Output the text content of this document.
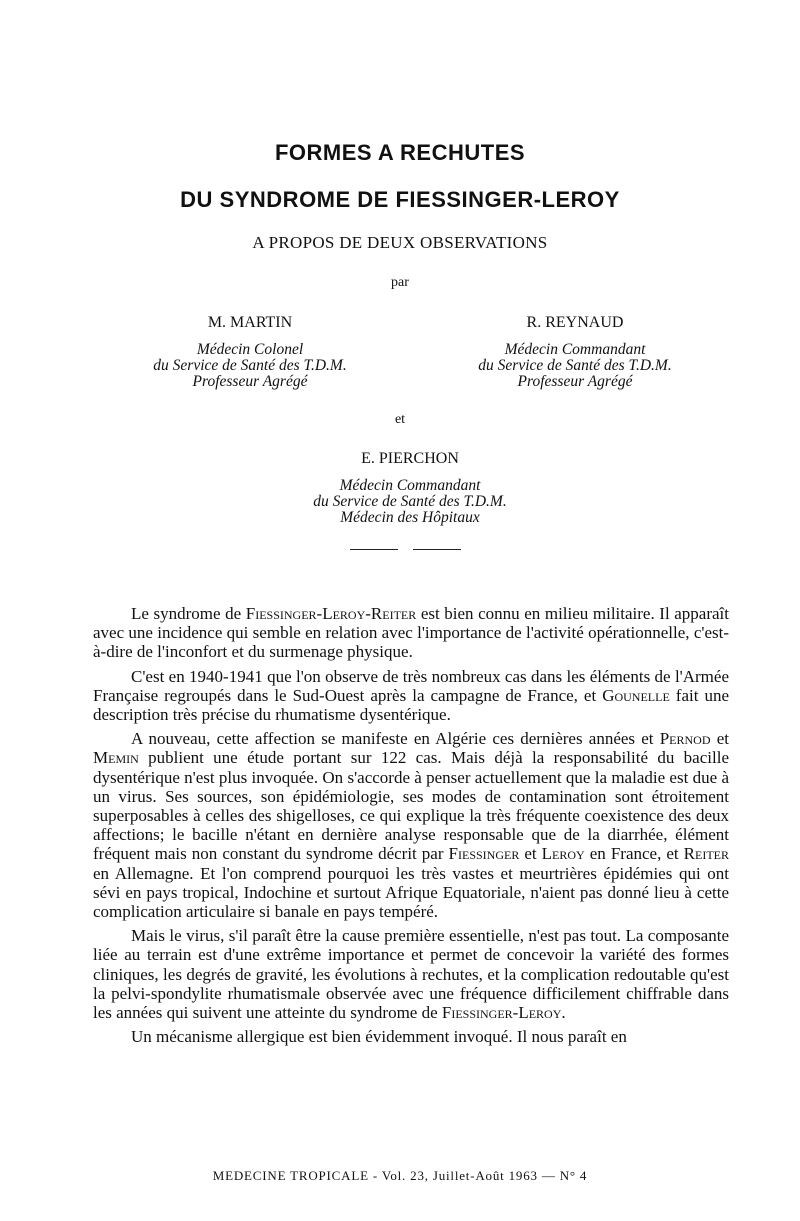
FORMES A RECHUTES
DU SYNDROME DE FIESSINGER-LEROY
A PROPOS DE DEUX OBSERVATIONS
par
M. MARTIN
Médecin Colonel
du Service de Santé des T.D.M.
Professeur Agrégé
R. REYNAUD
Médecin Commandant
du Service de Santé des T.D.M.
Professeur Agrégé
et
E. PIERCHON
Médecin Commandant
du Service de Santé des T.D.M.
Médecin des Hôpitaux

Le syndrome de Fiessinger-Leroy-Reiter est bien connu en milieu militaire. Il apparaît avec une incidence qui semble en relation avec l'importance de l'activité opérationnelle, c'est-à-dire de l'inconfort et du surmenage physique.

C'est en 1940-1941 que l'on observe de très nombreux cas dans les éléments de l'Armée Française regroupés dans le Sud-Ouest après la campagne de France, et Gounelle fait une description très précise du rhumatisme dysentérique.

A nouveau, cette affection se manifeste en Algérie ces dernières années et Pernod et Memin publient une étude portant sur 122 cas. Mais déjà la responsabilité du bacille dysentérique n'est plus invoquée. On s'accorde à penser actuellement que la maladie est due à un virus. Ses sources, son épidémiologie, ses modes de contamination sont étroitement superposables à celles des shigelloses, ce qui explique la très fréquente coexistence des deux affections; le bacille n'étant en dernière analyse responsable que de la diarrhée, élément fréquent mais non constant du syndrome décrit par Fiessinger et Leroy en France, et Reiter en Allemagne. Et l'on comprend pourquoi les très vastes et meurtrières épidémies qui ont sévi en pays tropical, Indochine et surtout Afrique Equatoriale, n'aient pas donné lieu à cette complication articulaire si banale en pays tempéré.

Mais le virus, s'il paraît être la cause première essentielle, n'est pas tout. La composante liée au terrain est d'une extrême importance et permet de concevoir la variété des formes cliniques, les degrés de gravité, les évolutions à rechutes, et la complication redoutable qu'est la pelvi-spondylite rhumatismale observée avec une fréquence difficilement chiffrable dans les années qui suivent une atteinte du syndrome de Fiessinger-Leroy.

Un mécanisme allergique est bien évidemment invoqué. Il nous paraît en

MEDECINE TROPICALE - Vol. 23, Juillet-Août 1963 — N° 4
